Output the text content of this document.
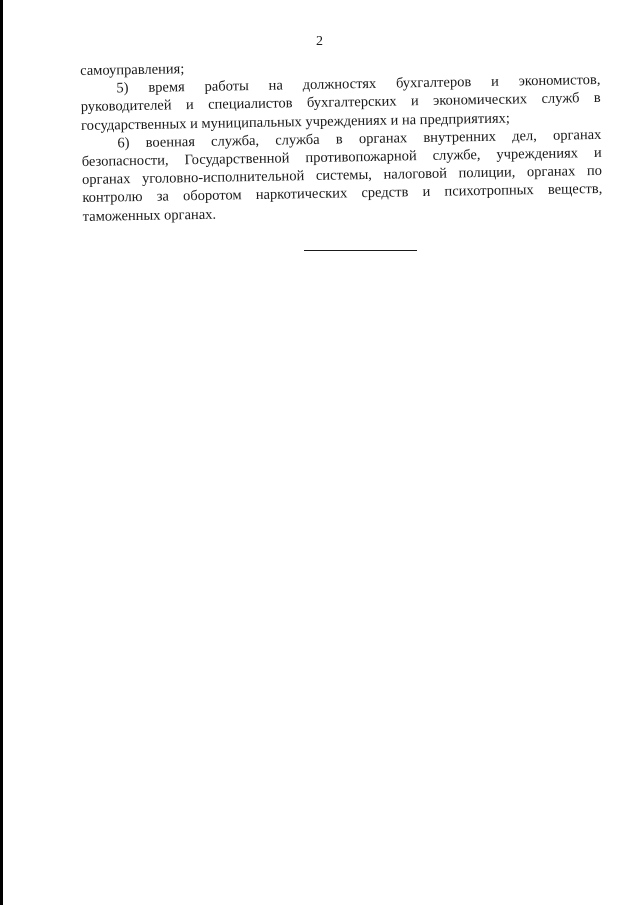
2
самоуправления;
5) время работы на должностях бухгалтеров и экономистов,
руководителей и специалистов бухгалтерских и экономических служб в
государственных и муниципальных учреждениях и на предприятиях;
6) военная служба, служба в органах внутренних дел, органах
безопасности, Государственной противопожарной службе, учреждениях и
органах уголовно-исполнительной системы, налоговой полиции, органах по
контролю за оборотом наркотических средств и психотропных веществ,
таможенных органах.
